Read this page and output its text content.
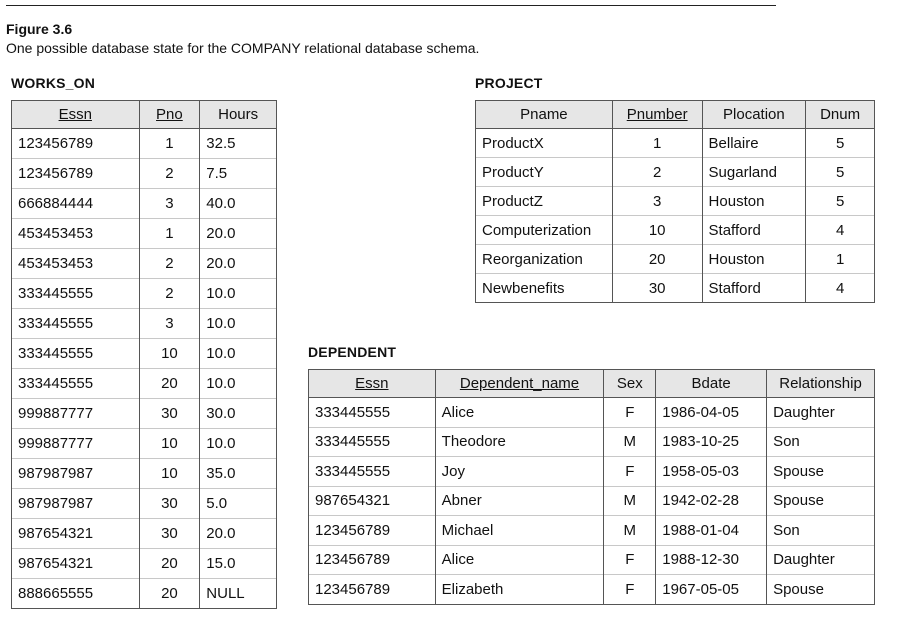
Figure 3.6
One possible database state for the COMPANY relational database schema.
WORKS_ON
Essn	Pno	Hours
123456789	1	32.5
123456789	2	7.5
666884444	3	40.0
453453453	1	20.0
453453453	2	20.0
333445555	2	10.0
333445555	3	10.0
333445555	10	10.0
333445555	20	10.0
999887777	30	30.0
999887777	10	10.0
987987987	10	35.0
987987987	30	5.0
987654321	30	20.0
987654321	20	15.0
888665555	20	NULL
PROJECT
Pname	Pnumber	Plocation	Dnum
ProductX	1	Bellaire	5
ProductY	2	Sugarland	5
ProductZ	3	Houston	5
Computerization	10	Stafford	4
Reorganization	20	Houston	1
Newbenefits	30	Stafford	4
DEPENDENT
Essn	Dependent_name	Sex	Bdate	Relationship
333445555	Alice	F	1986-04-05	Daughter
333445555	Theodore	M	1983-10-25	Son
333445555	Joy	F	1958-05-03	Spouse
987654321	Abner	M	1942-02-28	Spouse
123456789	Michael	M	1988-01-04	Son
123456789	Alice	F	1988-12-30	Daughter
123456789	Elizabeth	F	1967-05-05	Spouse
